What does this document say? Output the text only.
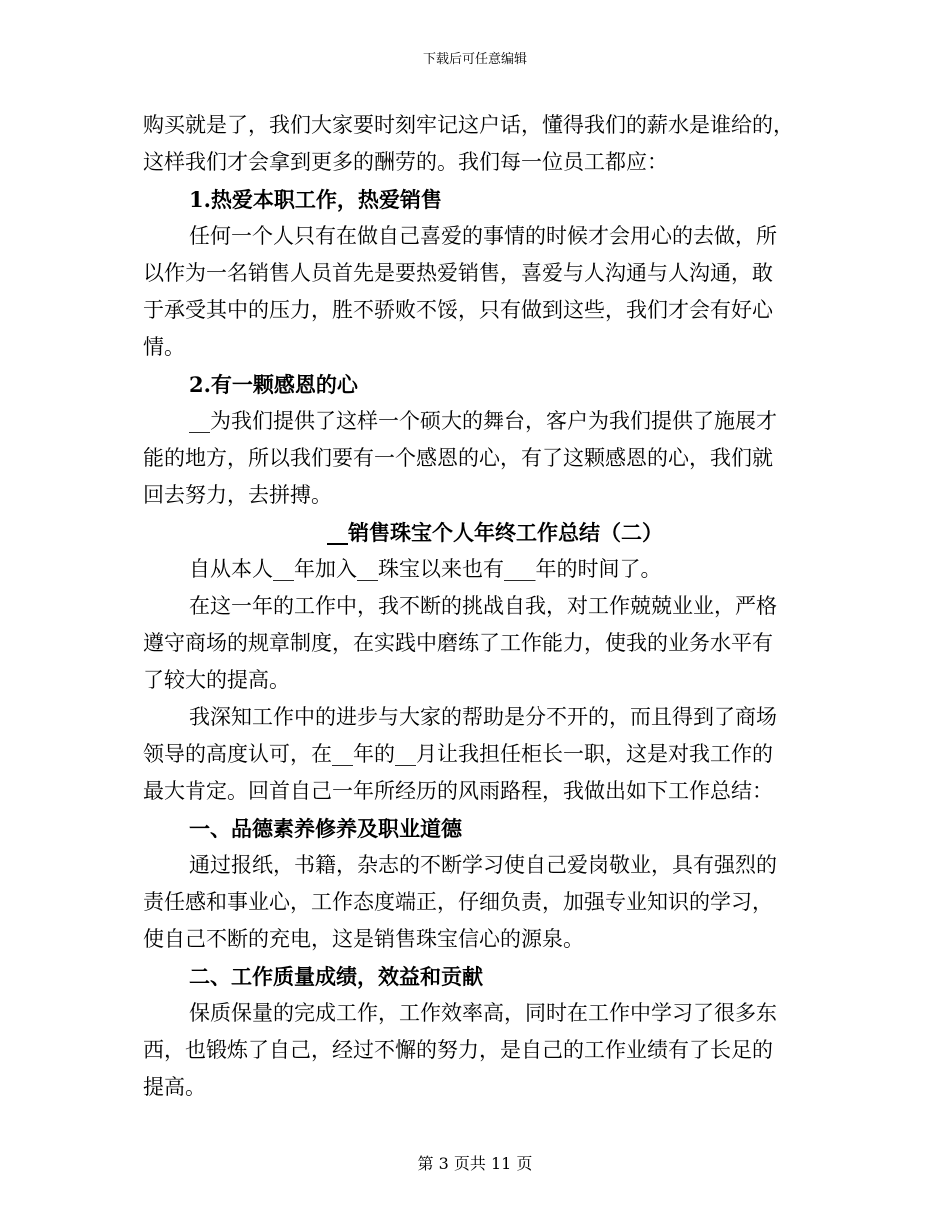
下载后可任意编辑
购买就是了，我们大家要时刻牢记这户话，懂得我们的薪水是谁给的，
这样我们才会拿到更多的酬劳的。我们每一位员工都应：
1.热爱本职工作，热爱销售
任何一个人只有在做自己喜爱的事情的时候才会用心的去做，所
以作为一名销售人员首先是要热爱销售，喜爱与人沟通与人沟通，敢
于承受其中的压力，胜不骄败不馁，只有做到这些，我们才会有好心
情。
2.有一颗感恩的心
__为我们提供了这样一个硕大的舞台，客户为我们提供了施展才
能的地方，所以我们要有一个感恩的心，有了这颗感恩的心，我们就
回去努力，去拼搏。
__销售珠宝个人年终工作总结（二）
自从本人__年加入__珠宝以来也有___年的时间了。
在这一年的工作中，我不断的挑战自我，对工作兢兢业业，严格
遵守商场的规章制度，在实践中磨练了工作能力，使我的业务水平有
了较大的提高。
我深知工作中的进步与大家的帮助是分不开的，而且得到了商场
领导的高度认可，在__年的__月让我担任柜长一职，这是对我工作的
最大肯定。回首自己一年所经历的风雨路程，我做出如下工作总结：
一、品德素养修养及职业道德
通过报纸，书籍，杂志的不断学习使自己爱岗敬业，具有强烈的
责任感和事业心，工作态度端正，仔细负责，加强专业知识的学习，
使自己不断的充电，这是销售珠宝信心的源泉。
二、工作质量成绩，效益和贡献
保质保量的完成工作，工作效率高，同时在工作中学习了很多东
西，也锻炼了自己，经过不懈的努力，是自己的工作业绩有了长足的
提高。
第 3 页共 11 页
